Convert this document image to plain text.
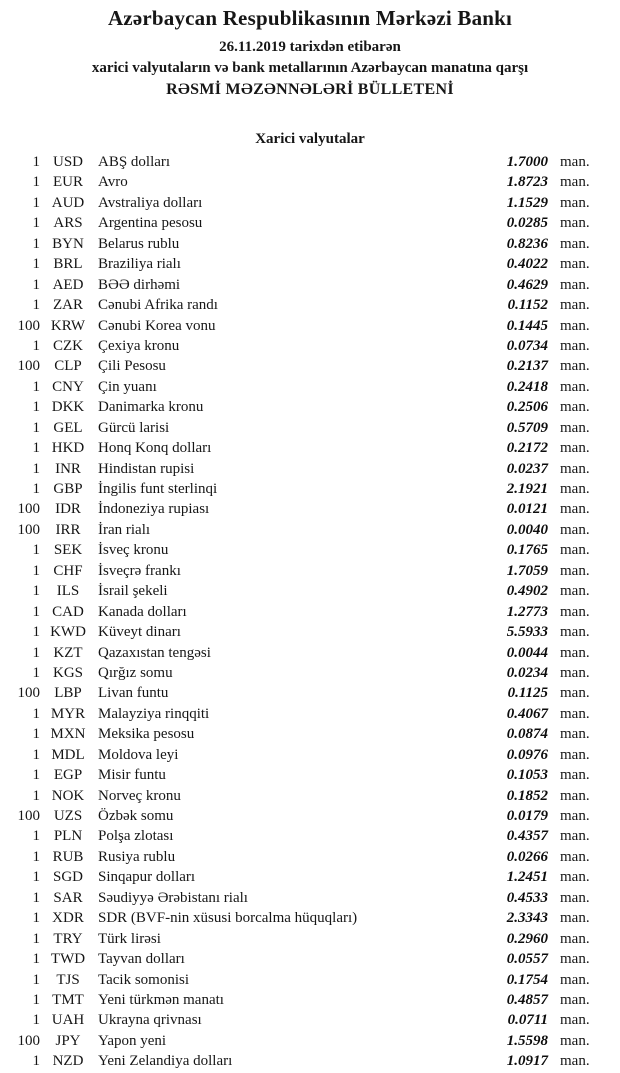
Azərbaycan Respublikasının Mərkəzi Bankı
26.11.2019 tarixdən etibarən
xarici valyutaların və bank metallarının Azərbaycan manatına qarşı
RƏSMİ MƏZƏNNƏLƏRİ BÜLLETENİ
Xarici valyutalar
1 USD	ABŞ dolları	1.7000 man.
1 EUR	Avro	1.8723 man.
1 AUD Avstraliya dolları	1.1529 man.
1 ARS	Argentina pesosu	0.0285 man.
1 BYN Belarus rublu	0.8236 man.
1 BRL	Braziliya rialı	0.4022 man.
1 AED BƏƏ dirhəmi	0.4629 man.
1 ZAR	Cənubi Afrika randı	0.1152 man.
100 KRW Cənubi Korea vonu	0.1445 man.
1 CZK	Çexiya kronu	0.0734 man.
100 CLP	Çili Pesosu	0.2137 man.
1 CNY Çin yuanı	0.2418 man.
1 DKK Danimarka kronu	0.2506 man.
1 GEL	Gürcü larisi	0.5709 man.
1 HKD Honq Konq dolları	0.2172 man.
1	INR	Hindistan rupisi	0.0237 man.
1 GBP	İngilis funt sterlinqi	2.1921 man.
100	IDR	İndoneziya rupiası	0.0121 man.
100	IRR	İran rialı	0.0040 man.
1 SEK	İsveç kronu	0.1765 man.
1 CHF	İsveçrə frankı	1.7059 man.
1	ILS	İsrail şekeli	0.4902 man.
1 CAD Kanada dolları	1.2773 man.
1 KWD Küveyt dinarı	5.5933 man.
1 KZT	Qazaxıstan tengəsi	0.0044 man.
1 KGS	Qırğız somu	0.0234 man.
100 LBP	Livan funtu	0.1125 man.
1 MYR Malayziya rinqqiti	0.4067 man.
1 MXN Meksika pesosu	0.0874 man.
1 MDL Moldova leyi	0.0976 man.
1 EGP	Misir funtu	0.1053 man.
1 NOK Norveç kronu	0.1852 man.
100 UZS	Özbək somu	0.0179 man.
1 PLN	Polşa zlotası	0.4357 man.
1 RUB Rusiya rublu	0.0266 man.
1 SGD	Sinqapur dolları	1.2451 man.
1 SAR	Səudiyyə Ərəbistanı rialı	0.4533 man.
1 XDR SDR (BVF-nin xüsusi borcalma hüquqları)	2.3343 man.
1 TRY	Türk lirəsi	0.2960 man.
1 TWD Tayvan dolları	0.0557 man.
1	TJS	Tacik somonisi	0.1754 man.
1 TMT Yeni türkmən manatı	0.4857 man.
1 UAH Ukrayna qrivnası	0.0711 man.
100	JPY	Yapon yeni	1.5598 man.
1 NZD Yeni Zelandiya dolları	1.0917 man.
